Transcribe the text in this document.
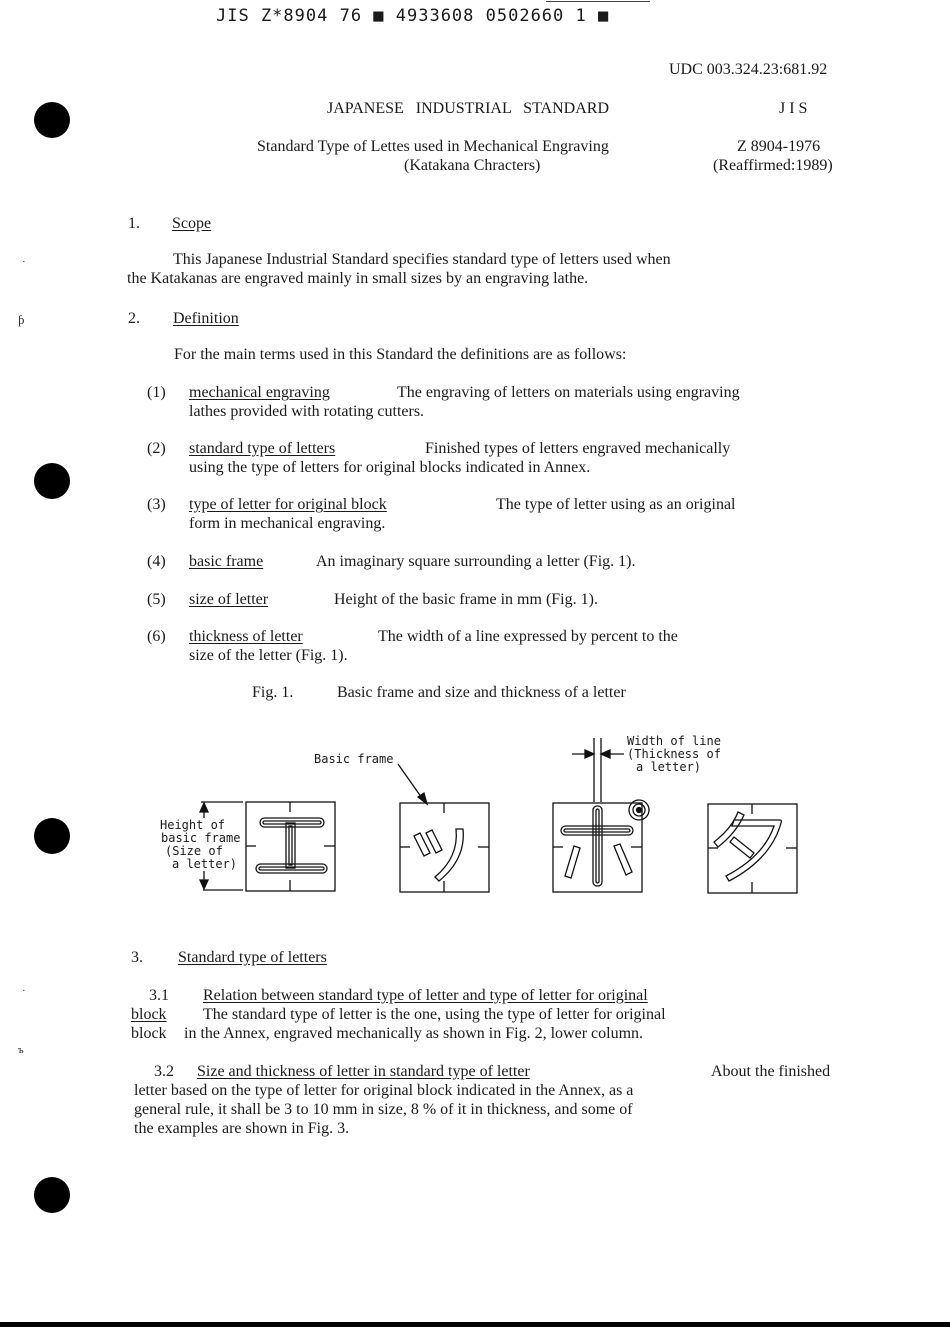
·
ƥ
·
ъ
JIS Z*8904 76 ■ 4933608 0502660 1 ■
UDC 003.324.23:681.92
JAPANESE   INDUSTRIAL   STANDARD	J I S
Standard Type of Lettes used in Mechanical Engraving	Z 8904-1976
(Katakana Chracters)	(Reaffirmed:1989)
1. Scope
This Japanese Industrial Standard specifies standard type of letters used when
the Katakanas are engraved mainly in small sizes by an engraving lathe.
2. Definition
For the main terms used in this Standard the definitions are as follows:
(1) mechanical engraving	The engraving of letters on materials using engraving
lathes provided with rotating cutters.
(2) standard type of letters	Finished types of letters engraved mechanically
using the type of letters for original blocks indicated in Annex.
(3) type of letter for original block	The type of letter using as an original
form in mechanical engraving.
(4) basic frame	An imaginary square surrounding a letter (Fig. 1).
(5) size of letter	Height of the basic frame in mm (Fig. 1).
(6) thickness of letter	The width of a line expressed by percent to the
size of the letter (Fig. 1).
Fig. 1.	Basic frame and size and thickness of a letter
Basic frame
Height of
basic frame
(Size of
a letter)
Width of line
(Thickness of
a letter)
3. Standard type of letters
3.1 Relation between standard type of letter and type of letter for original
block The standard type of letter is the one, using the type of letter for original
block in the Annex, engraved mechanically as shown in Fig. 2, lower column.
3.2 Size and thickness of letter in standard type of letter	About the finished
letter based on the type of letter for original block indicated in the Annex, as a
general rule, it shall be 3 to 10 mm in size, 8 % of it in thickness, and some of
the examples are shown in Fig. 3.
